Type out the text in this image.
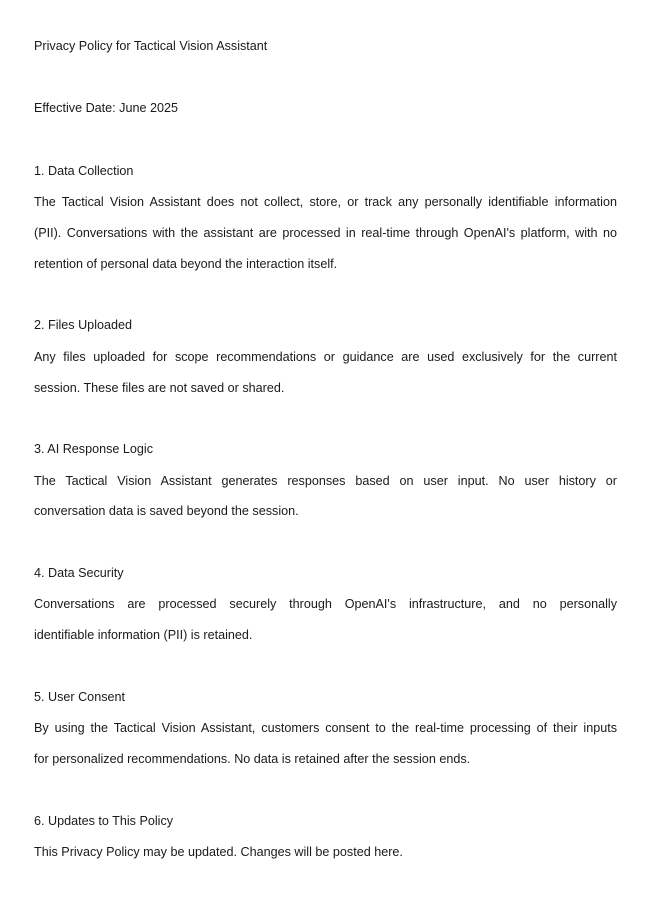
Privacy Policy for Tactical Vision Assistant

Effective Date: June 2025

1. Data Collection

The Tactical Vision Assistant does not collect, store, or track any personally identifiable information

(PII). Conversations with the assistant are processed in real-time through OpenAI's platform, with no

retention of personal data beyond the interaction itself.

2. Files Uploaded

Any files uploaded for scope recommendations or guidance are used exclusively for the current

session. These files are not saved or shared.

3. AI Response Logic

The Tactical Vision Assistant generates responses based on user input. No user history or

conversation data is saved beyond the session.

4. Data Security

Conversations are processed securely through OpenAI's infrastructure, and no personally

identifiable information (PII) is retained.

5. User Consent

By using the Tactical Vision Assistant, customers consent to the real-time processing of their inputs

for personalized recommendations. No data is retained after the session ends.

6. Updates to This Policy

This Privacy Policy may be updated. Changes will be posted here.
